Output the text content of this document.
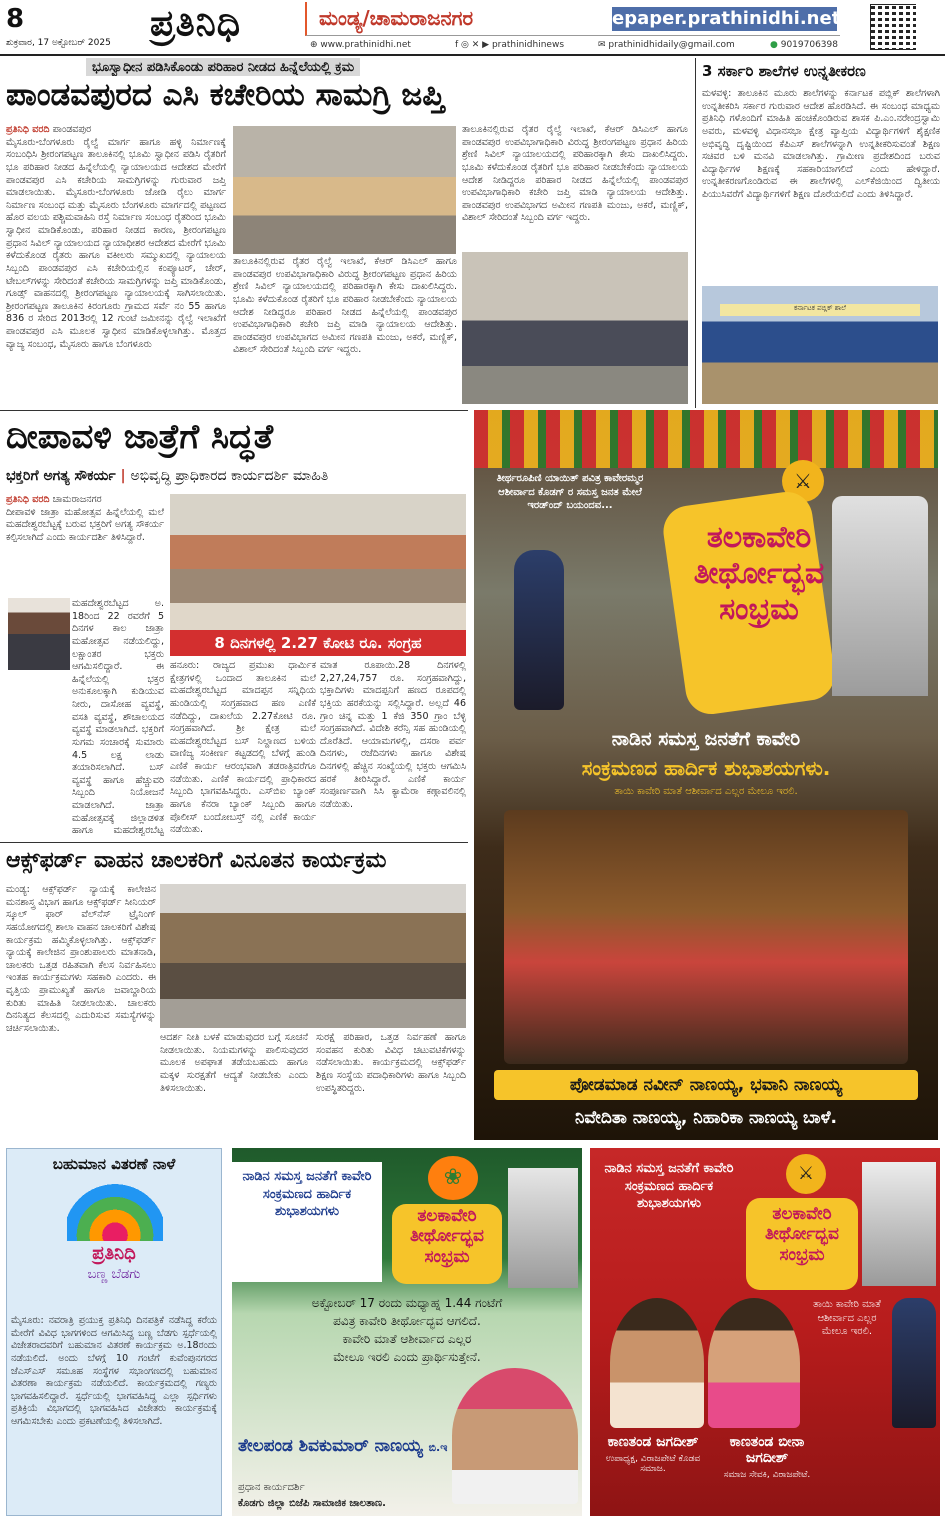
8
ಶುಕ್ರವಾರ, 17 ಅಕ್ಟೋಬರ್ 2025 ಪ್ರತಿನಿಧಿ	ಮಂಡ್ಯ/ಚಾಮರಾಜನಗರ	epaper.prathinidhi.net
⊕ www.prathinidhi.net	f ◎ ✕ ▶ prathinidhinews	✉ prathinidhidaily@gmail.com	● 9019706398
ಭೂಸ್ವಾಧೀನ ಪಡಿಸಿಕೊಂಡು ಪರಿಹಾರ ನೀಡದ ಹಿನ್ನೆಲೆಯಲ್ಲಿ ಕ್ರಮ
ಪಾಂಡವಪುರದ ಎಸಿ ಕಚೇರಿಯ ಸಾಮಗ್ರಿ ಜಪ್ತಿ
ಪ್ರತಿನಿಧಿ ವರದಿ ಪಾಂಡವಪುರ
ಮೈಸೂರು-ಬೆಂಗಳೂರು ರೈಲ್ವೆ ಮಾರ್ಗ ಹಾಗೂ ಹಳ್ಳಿ ನಿರ್ಮಾಣಕ್ಕೆ ಸಂಬಂಧಿಸಿ ಶ್ರೀರಂಗಪಟ್ಟಣ ತಾಲೂಕಿನಲ್ಲಿ ಭೂಮಿ ಸ್ವಾಧೀನ ಪಡಿಸಿ ರೈತರಿಗೆ ಭೂ ಪರಿಹಾರ ನೀಡದ ಹಿನ್ನೆಲೆಯಲ್ಲಿ ನ್ಯಾಯಾಲಯದ ಆದೇಶದ ಮೇರೆಗೆ ಪಾಂಡವಪುರ ಎಸಿ ಕಚೇರಿಯ ಸಾಮಗ್ರಿಗಳನ್ನು ಗುರುವಾರ ಜಪ್ತಿ ಮಾಡಲಾಯಿತು. ಮೈಸೂರು-ಬೆಂಗಳೂರು ಜೋಡಿ ರೈಲು ಮಾರ್ಗ ನಿರ್ಮಾಣ ಸಂಬಂಧ ಮತ್ತು ಮೈಸೂರು ಬೆಂಗಳೂರು ಮಾರ್ಗದಲ್ಲಿ ಪಟ್ಟಣದ ಹೊರ ವಲಯ ಪಶ್ಚಿಮವಾಹಿನಿ ರಸ್ತೆ ನಿರ್ಮಾಣ ಸಂಬಂಧ ರೈತರಿಂದ ಭೂಮಿ ಸ್ವಾಧೀನ ಮಾಡಿಕೊಂಡು, ಪರಿಹಾರ ನೀಡದ ಕಾರಣ, ಶ್ರೀರಂಗಪಟ್ಟಣ ಪ್ರಧಾನ ಸಿವಿಲ್ ನ್ಯಾಯಾಲಯದ ನ್ಯಾಯಾಧೀಶರ ಆದೇಶದ ಮೇರೆಗೆ ಭೂಮಿ ಕಳೆದುಕೊಂಡ ರೈತರು ಹಾಗೂ ವಕೀಲರು ಸಮ್ಮುಖದಲ್ಲಿ ನ್ಯಾಯಾಲಯ ಸಿಬ್ಬಂದಿ ಪಾಂಡವಪುರ ಎಸಿ ಕಚೇರಿಯಲ್ಲಿನ ಕಂಪ್ಯೂಟರ್, ಚೇರ್, ಟೇಬಲ್‌ಗಳನ್ನು ಸೇರಿದಂತೆ ಕಚೇರಿಯ ಸಾಮಗ್ರಿಗಳನ್ನು ಜಪ್ತಿ ಮಾಡಿಕೊಂಡು, ಗೂಡ್ಸ್ ವಾಹನದಲ್ಲಿ ಶ್ರೀರಂಗಪಟ್ಟಣ ನ್ಯಾಯಾಲಯಕ್ಕೆ ಸಾಗಿಸಲಾಯಿತು. ಶ್ರೀರಂಗಪಟ್ಟಣ ತಾಲೂಕಿನ ಕಿರಂಗೂರು ಗ್ರಾಮದ ಸರ್ವೆ ನಂ 55 ಹಾಗೂ 836 ರ ಸೇರಿದ 2013ರಲ್ಲಿ 12 ಗುಂಟೆ ಜಮೀನನ್ನು ರೈಲ್ವೆ ಇಲಾಖೆಗೆ ಪಾಂಡವಪುರ ಎಸಿ ಮೂಲಕ ಸ್ವಾಧೀನ ಮಾಡಿಕೊಳ್ಳಲಾಗಿತ್ತು. ಮೊತ್ತದ ವ್ಯಾಜ್ಯ ಸಂಬಂಧ, ಮೈಸೂರು ಹಾಗೂ ಬೆಂಗಳೂರು
ತಾಲೂಕಿನಲ್ಲಿರುವ ರೈತರ ರೈಲ್ವೆ ಇಲಾಖೆ, ಕೆಆರ್ ಡಿಸಿಎಲ್ ಹಾಗೂ ಪಾಂಡವಪುರ ಉಪವಿಭಾಗಾಧಿಕಾರಿ ವಿರುದ್ಧ ಶ್ರೀರಂಗಪಟ್ಟಣ ಪ್ರಧಾನ ಹಿರಿಯ ಶ್ರೇಣಿ ಸಿವಿಲ್ ನ್ಯಾಯಾಲಯದಲ್ಲಿ ಪರಿಹಾರಕ್ಕಾಗಿ ಕೇಸು ದಾಖಲಿಸಿದ್ದರು. ಭೂಮಿ ಕಳೆದುಕೊಂಡ ರೈತರಿಗೆ ಭೂ ಪರಿಹಾರ ನೀಡಬೇಕೆಂದು ನ್ಯಾಯಾಲಯ ಆದೇಶ ನೀಡಿದ್ದರೂ ಪರಿಹಾರ ನೀಡದ ಹಿನ್ನೆಲೆಯಲ್ಲಿ ಪಾಂಡವಪುರ ಉಪವಿಭಾಗಾಧಿಕಾರಿ ಕಚೇರಿ ಜಪ್ತಿ ಮಾಡಿ ನ್ಯಾಯಾಲಯ ಆದೇಶಿತ್ತು. ಪಾಂಡವಪುರ ಉಪವಿಭಾಗದ ಅಮೀನ ಗಣಪತಿ ಮಂಜು, ಅಕರೆ, ಮಣ್ಣಿಕ್, ವಿಶಾಲ್ ಸೇರಿದಂತೆ ಸಿಬ್ಬಂದಿ ವರ್ಗ ಇದ್ದರು.
ತಾಲೂಕಿನಲ್ಲಿರುವ ರೈತರ ರೈಲ್ವೆ ಇಲಾಖೆ, ಕೆಆರ್ ಡಿಸಿಎಲ್ ಹಾಗೂ ಪಾಂಡವಪುರ ಉಪವಿಭಾಗಾಧಿಕಾರಿ ವಿರುದ್ಧ ಶ್ರೀರಂಗಪಟ್ಟಣ ಪ್ರಧಾನ ಹಿರಿಯ ಶ್ರೇಣಿ ಸಿವಿಲ್ ನ್ಯಾಯಾಲಯದಲ್ಲಿ ಪರಿಹಾರಕ್ಕಾಗಿ ಕೇಸು ದಾಖಲಿಸಿದ್ದರು. ಭೂಮಿ ಕಳೆದುಕೊಂಡ ರೈತರಿಗೆ ಭೂ ಪರಿಹಾರ ನೀಡಬೇಕೆಂದು ನ್ಯಾಯಾಲಯ ಆದೇಶ ನೀಡಿದ್ದರೂ ಪರಿಹಾರ ನೀಡದ ಹಿನ್ನೆಲೆಯಲ್ಲಿ ಪಾಂಡವಪುರ ಉಪವಿಭಾಗಾಧಿಕಾರಿ ಕಚೇರಿ ಜಪ್ತಿ ಮಾಡಿ ನ್ಯಾಯಾಲಯ ಆದೇಶಿತ್ತು. ಪಾಂಡವಪುರ ಉಪವಿಭಾಗದ ಅಮೀನ ಗಣಪತಿ ಮಂಜು, ಅಕರೆ, ಮಣ್ಣಿಕ್, ವಿಶಾಲ್ ಸೇರಿದಂತೆ ಸಿಬ್ಬಂದಿ ವರ್ಗ ಇದ್ದರು.
3 ಸರ್ಕಾರಿ ಶಾಲೆಗಳ ಉನ್ನತೀಕರಣ
ಮಳವಳ್ಳಿ: ತಾಲೂಕಿನ ಮೂರು ಶಾಲೆಗಳನ್ನು ಕರ್ನಾಟಕ ಪಬ್ಲಿಕ್ ಶಾಲೆಗಳಾಗಿ ಉನ್ನತೀಕರಿಸಿ ಸರ್ಕಾರ ಗುರುವಾರ ಆದೇಶ ಹೊರಡಿಸಿದೆ. ಈ ಸಂಬಂಧ ಮಾಧ್ಯಮ ಪ್ರತಿನಿಧಿ ಗಳೊಂದಿಗೆ ಮಾಹಿತಿ ಹಂಚಿಕೊಂಡಿರುವ ಶಾಸಕ ಪಿ.ಎಂ.ನರೇಂದ್ರಸ್ವಾಮಿ ಅವರು, ಮಳವಳ್ಳಿ ವಿಧಾನಸಭಾ ಕ್ಷೇತ್ರ ವ್ಯಾಪ್ತಿಯ ವಿದ್ಯಾರ್ಥಿಗಳಿಗೆ ಶೈಕ್ಷಣಿಕ ಅಭಿವೃದ್ಧಿ ದೃಷ್ಟಿಯಿಂದ ಕೆಪಿಎಸ್ ಶಾಲೆಗಳನ್ನಾಗಿ ಉನ್ನತೀಕರಿಸುವಂತೆ ಶಿಕ್ಷಣ ಸಚಿವರ ಬಳಿ ಮನವಿ ಮಾಡಲಾಗಿತ್ತು. ಗ್ರಾಮೀಣ ಪ್ರದೇಶದಿಂದ ಬರುವ ವಿದ್ಯಾರ್ಥಿಗಳ ಶಿಕ್ಷಣಕ್ಕೆ ಸಹಕಾರಿಯಾಗಲಿದೆ ಎಂದು ಹೇಳಿದ್ದಾರೆ. ಉನ್ನತೀಕರಣಗೊಂಡಿರುವ ಈ ಶಾಲೆಗಳಲ್ಲಿ ಎಲ್‌ಕೆಜಿಯಿಂದ ದ್ವಿತೀಯ ಪಿಯುಸಿವರೆಗೆ ವಿದ್ಯಾರ್ಥಿಗಳಿಗೆ ಶಿಕ್ಷಣ ದೊರೆಯಲಿದೆ ಎಂದು ತಿಳಿಸಿದ್ದಾರೆ.
ಕರ್ನಾಟಕ ಪಬ್ಲಿಕ್ ಶಾಲೆ
ದೀಪಾವಳಿ ಜಾತ್ರೆಗೆ ಸಿದ್ಧತೆ
ಭಕ್ತರಿಗೆ ಅಗತ್ಯ ಸೌಕರ್ಯ | ಅಭಿವೃದ್ಧಿ ಪ್ರಾಧಿಕಾರದ ಕಾರ್ಯದರ್ಶಿ ಮಾಹಿತಿ
ಪ್ರತಿನಿಧಿ ವರದಿ ಚಾಮರಾಜನಗರ
ದೀಪಾವಳಿ ಜಾತ್ರಾ ಮಹೋತ್ಸವ ಹಿನ್ನೆಲೆಯಲ್ಲಿ ಮಲೆ ಮಹದೇಶ್ವರಬೆಟ್ಟಕ್ಕೆ ಬರುವ ಭಕ್ತರಿಗೆ ಅಗತ್ಯ ಸೌಕರ್ಯ ಕಲ್ಪಿಸಲಾಗಿದೆ ಎಂದು ಕಾರ್ಯದರ್ಶಿ ತಿಳಿಸಿದ್ದಾರೆ.
ಮಹದೇಶ್ವರಬೆಟ್ಟದ ಅ. 18ರಿಂದ 22 ರವರೆಗೆ 5 ದಿನಗಳ ಕಾಲ ಜಾತ್ರಾ ಮಹೋತ್ಸವ ನಡೆಯಲಿದ್ದು, ಲಕ್ಷಾಂತರ ಭಕ್ತರು ಆಗಮಿಸಲಿದ್ದಾರೆ. ಈ ಹಿನ್ನೆಲೆಯಲ್ಲಿ ಭಕ್ತರ ಅನುಕೂಲಕ್ಕಾಗಿ ಕುಡಿಯುವ ನೀರು, ದಾಸೋಹ ವ್ಯವಸ್ಥೆ, ವಸತಿ ವ್ಯವಸ್ಥೆ, ಶೌಚಾಲಯದ ವ್ಯವಸ್ಥೆ ಮಾಡಲಾಗಿದೆ. ಭಕ್ತರಿಗೆ ಸುಗಮ ಸಂಚಾರಕ್ಕೆ ಸುಮಾರು 4.5 ಲಕ್ಷ ಲಾಡು ತಯಾರಿಸಲಾಗಿದೆ. ಬಸ್ ವ್ಯವಸ್ಥೆ ಹಾಗೂ ಹೆಚ್ಚುವರಿ ಸಿಬ್ಬಂದಿ ನಿಯೋಜನೆ ಮಾಡಲಾಗಿದೆ. ಜಾತ್ರಾ ಮಹೋತ್ಸವಕ್ಕೆ ಜಿಲ್ಲಾಡಳಿತ ಹಾಗೂ ಮಹದೇಶ್ವರಬೆಟ್ಟ
8 ದಿನಗಳಲ್ಲಿ 2.27 ಕೋಟಿ ರೂ. ಸಂಗ್ರಹ
ಹನೂರು: ರಾಜ್ಯದ ಪ್ರಮುಖ ಧಾರ್ಮಿಕ ಕ್ಷೇತ್ರಗಳಲ್ಲಿ ಒಂದಾದ ತಾಲೂಕಿನ ಮಲೆ ಮಹದೇಶ್ವರಬೆಟ್ಟದ ಮಾದಪ್ಪನ ಸನ್ನಿಧಿಯ ಹುಂಡಿಯಲ್ಲಿ ಸಂಗ್ರಹವಾದ ಹಣ ಎಣಿಕೆ ನಡೆದಿದ್ದು, ದಾಖಲೆಯ 2.27ಕೋಟಿ ರೂ. ಸಂಗ್ರಹವಾಗಿದೆ. ಶ್ರೀ ಕ್ಷೇತ್ರ ಮಲೆ ಮಹದೇಶ್ವರಬೆಟ್ಟದ ಬಸ್ ನಿಲ್ದಾಣದ ಬಳಿಯ ವಾಣಿಜ್ಯ ಸಂಕೀರ್ಣ ಕಟ್ಟಡದಲ್ಲಿ ಬೆಳಗ್ಗೆ ಹುಂಡಿ ಎಣಿಕೆ ಕಾರ್ಯ ಆರಂಭವಾಗಿ ತಡರಾತ್ರಿವರೆಗೂ ನಡೆಯಿತು. ಎಣಿಕೆ ಕಾರ್ಯದಲ್ಲಿ ಪ್ರಾಧಿಕಾರದ ಸಿಬ್ಬಂದಿ ಭಾಗವಹಿಸಿದ್ದರು. ಎಸ್‌ಬಿಐ ಬ್ಯಾಂಕ್ ಹಾಗೂ ಕೆನರಾ ಬ್ಯಾಂಕ್ ಸಿಬ್ಬಂದಿ ಹಾಗೂ ಪೊಲೀಸ್ ಬಂದೋಬಸ್ತ್ ನಲ್ಲಿ ಎಣಿಕೆ ಕಾರ್ಯ ನಡೆಯಿತು.
ಮಾತ ರೂಪಾಯಿ.28 ದಿನಗಳಲ್ಲಿ 2,27,24,757 ರೂ. ಸಂಗ್ರಹವಾಗಿದ್ದು, ಭಕ್ತಾದಿಗಳು ಮಾದಪ್ಪನಿಗೆ ಹಣದ ರೂಪದಲ್ಲಿ ಭಕ್ತಿಯ ಹರಕೆಯನ್ನು ಸಲ್ಲಿಸಿದ್ದಾರೆ. ಅಲ್ಲದೆ 46 ಗ್ರಾಂ ಚಿನ್ನ ಮತ್ತು 1 ಕೆಜಿ 350 ಗ್ರಾಂ ಬೆಳ್ಳಿ ಸಂಗ್ರಹವಾಗಿದೆ. ವಿದೇಶಿ ಕರೆನ್ಸಿ ಸಹ ಹುಂಡಿಯಲ್ಲಿ ದೊರೆತಿದೆ. ಆಯಾಮಗಳಲ್ಲಿ, ದಸರಾ ಪರ್ವ ದಿನಗಳು, ರಜೆದಿನಗಳು ಹಾಗೂ ವಿಶೇಷ ದಿನಗಳಲ್ಲಿ ಹೆಚ್ಚಿನ ಸಂಖ್ಯೆಯಲ್ಲಿ ಭಕ್ತರು ಆಗಮಿಸಿ ಹರಕೆ ತೀರಿಸಿದ್ದಾರೆ. ಎಣಿಕೆ ಕಾರ್ಯ ಸಂಪೂರ್ಣವಾಗಿ ಸಿಸಿ ಕ್ಯಾಮೆರಾ ಕಣ್ಗಾವಲಿನಲ್ಲಿ ನಡೆಯಿತು.
ಆಕ್ಸ್‌ಫರ್ಡ್ ವಾಹನ ಚಾಲಕರಿಗೆ ವಿನೂತನ ಕಾರ್ಯಕ್ರಮ
ಮಂಡ್ಯ: ಆಕ್ಸ್‌ಫರ್ಡ್ ನ್ಯಾಯಕ್ಕೆ ಕಾಲೇಜಿನ ಮನಶಾಸ್ತ್ರ ವಿಭಾಗ ಹಾಗೂ ಆಕ್ಸ್‌ಫರ್ಡ್ ಸೀನಿಯರ್ ಸ್ಕೂಲ್ ಫಾರ್ ವೆಲ್‌ನೆಸ್ ಟ್ರೈನಿಂಗ್ ಸಹಯೋಗದಲ್ಲಿ ಶಾಲಾ ವಾಹನ ಚಾಲಕರಿಗೆ ವಿಶೇಷ ಕಾರ್ಯಕ್ರಮ ಹಮ್ಮಿಕೊಳ್ಳಲಾಗಿತ್ತು. ಆಕ್ಸ್‌ಫರ್ಡ್ ನ್ಯಾಯಕ್ಕೆ ಕಾಲೇಜಿನ ಪ್ರಾಂಶುಪಾಲರು ಮಾತನಾಡಿ, ಚಾಲಕರು ಒತ್ತಡ ರಹಿತವಾಗಿ ಕೆಲಸ ನಿರ್ವಹಿಸಲು ಇಂತಹ ಕಾರ್ಯಕ್ರಮಗಳು ಸಹಕಾರಿ ಎಂದರು. ಈ ವೃತ್ತಿಯ ಪ್ರಾಮುಖ್ಯತೆ ಹಾಗೂ ಜವಾಬ್ದಾರಿಯ ಕುರಿತು ಮಾಹಿತಿ ನೀಡಲಾಯಿತು. ಚಾಲಕರು ದಿನನಿತ್ಯದ ಕೆಲಸದಲ್ಲಿ ಎದುರಿಸುವ ಸಮಸ್ಯೆಗಳನ್ನು ಚರ್ಚಿಸಲಾಯಿತು.
ಆದರ್ಶ ನೀತಿ ಬಳಕೆ ಮಾಡುವುದರ ಬಗ್ಗೆ ಸೂಚನೆ ನೀಡಲಾಯಿತು. ನಿಯಮಗಳನ್ನು ಪಾಲಿಸುವುದರ ಮೂಲಕ ಅಪಘಾತ ತಡೆಯಬಹುದು ಹಾಗೂ ಮಕ್ಕಳ ಸುರಕ್ಷತೆಗೆ ಆದ್ಯತೆ ನೀಡಬೇಕು ಎಂದು ತಿಳಿಸಲಾಯಿತು.
ಸುರಕ್ಷೆ ಪರಿಹಾರ, ಒತ್ತಡ ನಿರ್ವಹಣೆ ಹಾಗೂ ಸಂವಹನ ಕುರಿತು ವಿವಿಧ ಚಟುವಟಿಕೆಗಳನ್ನು ನಡೆಸಲಾಯಿತು. ಕಾರ್ಯಕ್ರಮದಲ್ಲಿ ಆಕ್ಸ್‌ಫರ್ಡ್ ಶಿಕ್ಷಣ ಸಂಸ್ಥೆಯ ಪದಾಧಿಕಾರಿಗಳು ಹಾಗೂ ಸಿಬ್ಬಂದಿ ಉಪಸ್ಥಿತರಿದ್ದರು.
ತೀರ್ಥರೂಪಿಣಿ ಯಾಯಿತ್ ಪವಿತ್ರ ಕಾವೇರಮ್ಮರ ಆಶೀರ್ವಾದ ಕೊಡಗ್ ರ ಸಮಸ್ತ ಜನತ ಮೇಲೆ ಇರಡ್‌ಂದ್ ಬಯಂದವ...
⚔
ತಲಕಾವೇರಿ
ತೀರ್ಥೋದ್ಭವ
ಸಂಭ್ರಮ
ನಾಡಿನ ಸಮಸ್ತ ಜನತೆಗೆ ಕಾವೇರಿ
ಸಂಕ್ರಮಣದ ಹಾರ್ದಿಕ ಶುಭಾಶಯಗಳು.
ತಾಯಿ ಕಾವೇರಿ ಮಾತೆ ಆಶೀರ್ವಾದ ಎಲ್ಲರ ಮೇಲೂ ಇರಲಿ.
ಪೋಡಮಾಡ ನವೀನ್ ನಾಣಯ್ಯ, ಭವಾನಿ ನಾಣಯ್ಯ
ನಿವೇದಿತಾ ನಾಣಯ್ಯ, ನಿಹಾರಿಕಾ ನಾಣಯ್ಯ ಬಾಳೆ.
ಬಹುಮಾನ ವಿತರಣೆ ನಾಳೆ
ಪ್ರತಿನಿಧಿ
ಬಣ್ಣ ಬೆಡಗು
ಮೈಸೂರು: ನವರಾತ್ರಿ ಪ್ರಯುಕ್ತ ಪ್ರತಿನಿಧಿ ದಿನಪತ್ರಿಕೆ ನಡೆಸಿದ್ದ ಕರೆಯ ಮೇರೆಗೆ ವಿವಿಧ ಭಾಗಗಳಿಂದ ಆಗಮಿಸಿದ್ದ ಬಣ್ಣ ಬೆಡಗು ಸ್ಪರ್ಧೆಯಲ್ಲಿ ವಿಜೇತರಾದವರಿಗೆ ಬಹುಮಾನ ವಿತರಣೆ ಕಾರ್ಯಕ್ರಮ ಅ.18ರಂದು ನಡೆಯಲಿದೆ. ಅಂದು ಬೆಳಗ್ಗೆ 10 ಗಂಟೆಗೆ ಕುವೆಂಪುನಗರದ ಜೆಎಸ್‌ಎಸ್ ಸಮೂಹ ಸಂಸ್ಥೆಗಳ ಸಭಾಂಗಣದಲ್ಲಿ ಬಹುಮಾನ ವಿತರಣಾ ಕಾರ್ಯಕ್ರಮ ನಡೆಯಲಿದೆ. ಕಾರ್ಯಕ್ರಮದಲ್ಲಿ ಗಣ್ಯರು ಭಾಗವಹಿಸಲಿದ್ದಾರೆ. ಸ್ಪರ್ಧೆಯಲ್ಲಿ ಭಾಗವಹಿಸಿದ್ದ ಎಲ್ಲಾ ಸ್ಪರ್ಧಿಗಳು ಪ್ರತಿಕ್ರಿಯೆ ವಿಭಾಗದಲ್ಲಿ ಭಾಗವಹಿಸಿದ ವಿಜೇತರು ಕಾರ್ಯಕ್ರಮಕ್ಕೆ ಆಗಮಿಸಬೇಕು ಎಂದು ಪ್ರಕಟಣೆಯಲ್ಲಿ ತಿಳಿಸಲಾಗಿದೆ.
ನಾಡಿನ ಸಮಸ್ತ ಜನತೆಗೆ ಕಾವೇರಿ ಸಂಕ್ರಮಣದ ಹಾರ್ದಿಕ ಶುಭಾಶಯಗಳು
❀
ತಲಕಾವೇರಿ
ತೀರ್ಥೋದ್ಭವ
ಸಂಭ್ರಮ
ಅಕ್ಟೋಬರ್ 17 ರಂದು ಮಧ್ಯಾಹ್ನ 1.44 ಗಂಟೆಗೆ
ಪವಿತ್ರ ಕಾವೇರಿ ತೀರ್ಥೋದ್ಭವ ಆಗಲಿದೆ.
ಕಾವೇರಿ ಮಾತೆ ಆಶೀರ್ವಾದ ಎಲ್ಲರ
ಮೇಲೂ ಇರಲಿ ಎಂದು ಪ್ರಾರ್ಥಿಸುತ್ತೇನೆ.
ತೇಲಪಂಡ ಶಿವಕುಮಾರ್ ನಾಣಯ್ಯ ಬಿ.ಇ
ಪ್ರಧಾನ ಕಾರ್ಯದರ್ಶಿ
ಕೊಡಗು ಜಿಲ್ಲಾ ಬಿಜೆಪಿ ಸಾಮಾಜಿಕ ಜಾಲತಾಣ.
ನಾಡಿನ ಸಮಸ್ತ ಜನತೆಗೆ ಕಾವೇರಿ ಸಂಕ್ರಮಣದ ಹಾರ್ದಿಕ ಶುಭಾಶಯಗಳು
⚔
ತಲಕಾವೇರಿ
ತೀರ್ಥೋದ್ಭವ
ಸಂಭ್ರಮ
ತಾಯಿ ಕಾವೇರಿ ಮಾತೆ ಆಶೀರ್ವಾದ ಎಲ್ಲರ ಮೇಲೂ ಇರಲಿ.
ಕಾಣತಂಡ ಜಗದೀಶ್
ಉಪಾಧ್ಯಕ್ಷ, ವಿರಾಜಪೇಟೆ ಕೊಡವ ಸಮಾಜ.
ಕಾಣತಂಡ ಬೀನಾ ಜಗದೀಶ್
ಸಮಾಜ ಸೇವಕಿ, ವಿರಾಜಪೇಟೆ.
